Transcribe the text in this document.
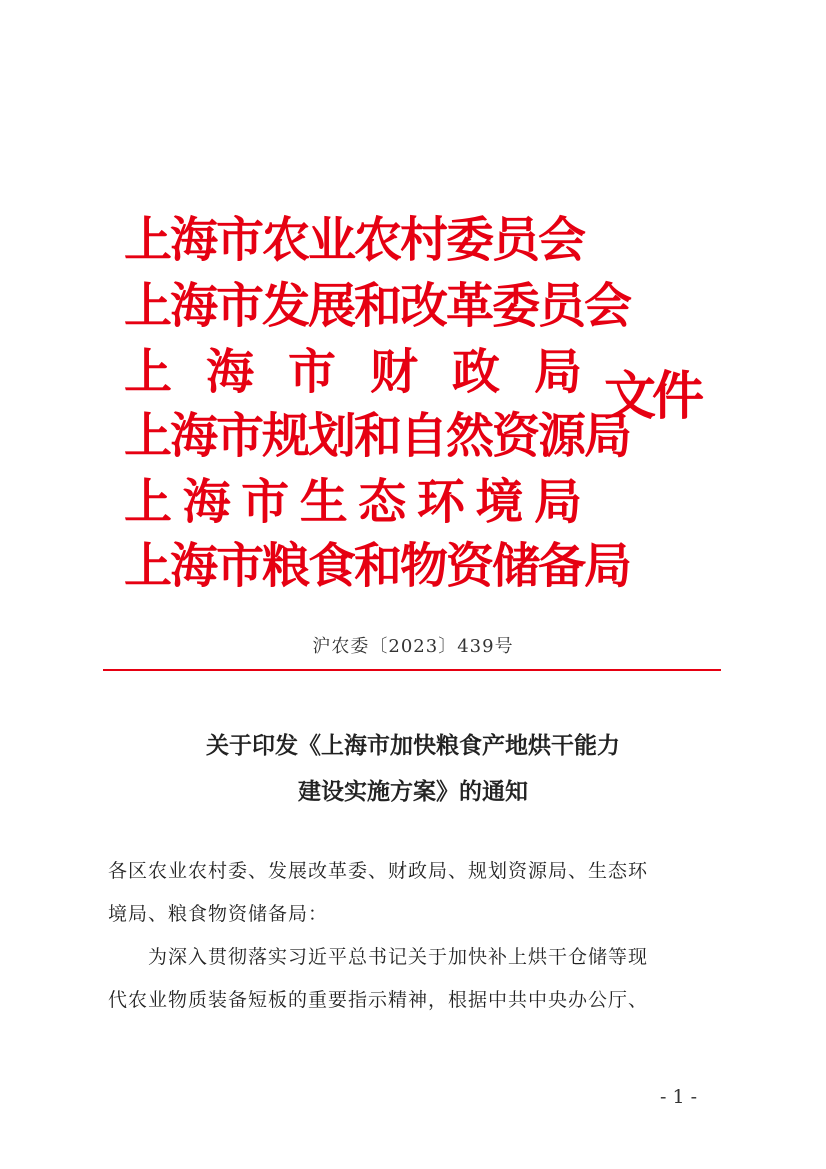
上海市农业农村委员会
上海市发展和改革委员会
上海市财政局
上海市规划和自然资源局
上海市生态环境局
上海市粮食和物资储备局
文件
沪农委〔2023〕439号
关于印发《上海市加快粮食产地烘干能力
建设实施方案》的通知
各区农业农村委、发展改革委、财政局、规划资源局、生态环
境局、粮食物资储备局：
为深入贯彻落实习近平总书记关于加快补上烘干仓储等现
代农业物质装备短板的重要指示精神，根据中共中央办公厅、
- 1 -
